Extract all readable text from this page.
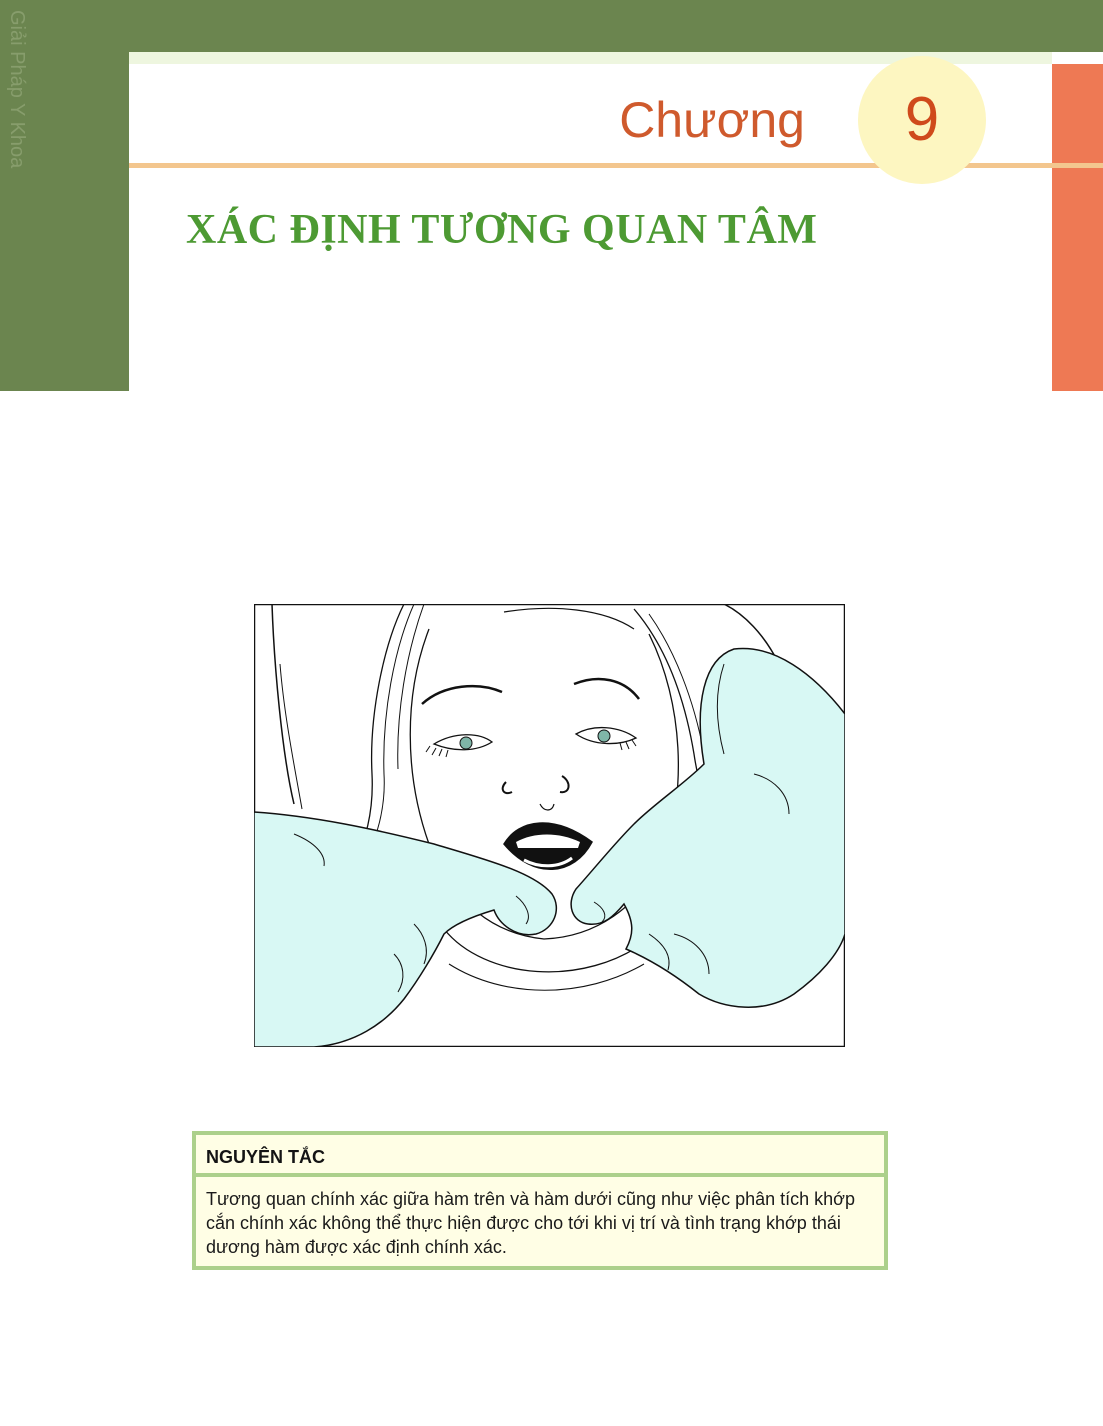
Giải Pháp Y Khoa	Chương 9
XÁC ĐỊNH TƯƠNG QUAN TÂM
NGUYÊN TẮC
Tương quan chính xác giữa hàm trên và hàm dưới cũng như việc phân tích khớp cắn chính xác không thể thực hiện được cho tới khi vị trí và tình trạng khớp thái dương hàm được xác định chính xác.
